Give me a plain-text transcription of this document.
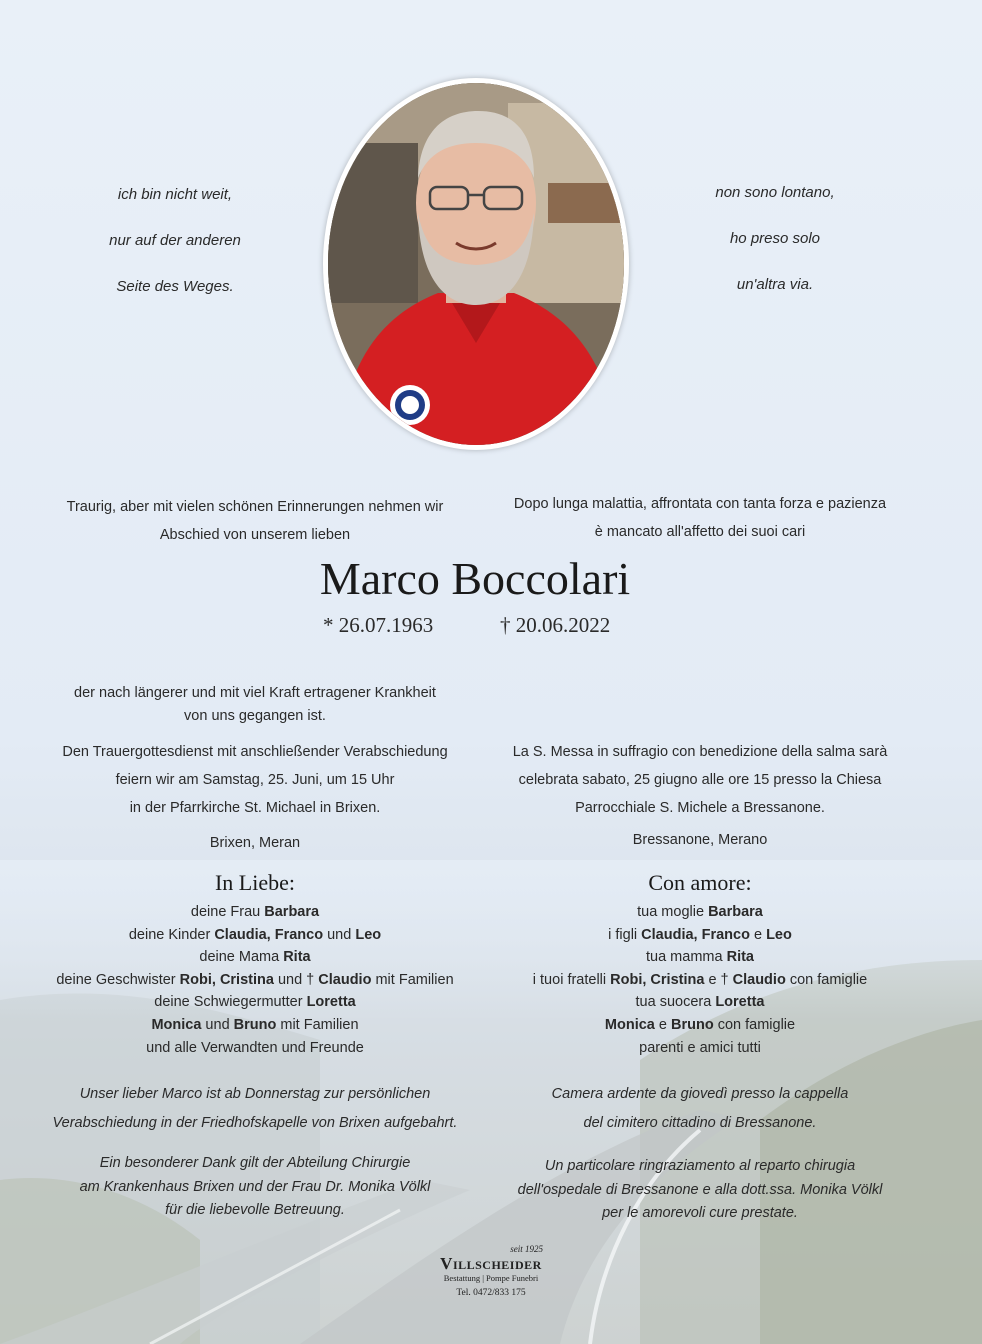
ich bin nicht weit,
nur auf der anderen
Seite des Weges.
non sono lontano,
ho preso solo
un'altra via.
Traurig, aber mit vielen schönen Erinnerungen nehmen wir
Abschied von unserem lieben
Dopo lunga malattia, affrontata con tanta forza e pazienza
è mancato all'affetto dei suoi cari
Marco Boccolari
* 26.07.1963	† 20.06.2022
der nach längerer und mit viel Kraft ertragener Krankheit
von uns gegangen ist.
Den Trauergottesdienst mit anschließender Verabschiedung
feiern wir am Samstag, 25. Juni, um 15 Uhr
in der Pfarrkirche St. Michael in Brixen.
La S. Messa in suffragio con benedizione della salma sarà
celebrata sabato, 25 giugno alle ore 15 presso la Chiesa
Parrocchiale S. Michele a Bressanone.
Brixen, Meran	Bressanone, Merano
In Liebe:	Con amore:
deine Frau Barbara
deine Kinder Claudia, Franco und Leo
deine Mama Rita
deine Geschwister Robi, Cristina und † Claudio mit Familien
deine Schwiegermutter Loretta
Monica und Bruno mit Familien
und alle Verwandten und Freunde
tua moglie Barbara
i figli Claudia, Franco e Leo
tua mamma Rita
i tuoi fratelli Robi, Cristina e † Claudio con famiglie
tua suocera Loretta
Monica e Bruno con famiglie
parenti e amici tutti
Unser lieber Marco ist ab Donnerstag zur persönlichen
Verabschiedung in der Friedhofskapelle von Brixen aufgebahrt.
Camera ardente da giovedì presso la cappella
del cimitero cittadino di Bressanone.
Ein besonderer Dank gilt der Abteilung Chirurgie
am Krankenhaus Brixen und der Frau Dr. Monika Völkl
für die liebevolle Betreuung.
Un particolare ringraziamento al reparto chirugia
dell'ospedale di Bressanone e alla dott.ssa. Monika Völkl
per le amorevoli cure prestate.
seit 1925
Villscheider
Bestattung | Pompe Funebri
Tel. 0472/833 175
